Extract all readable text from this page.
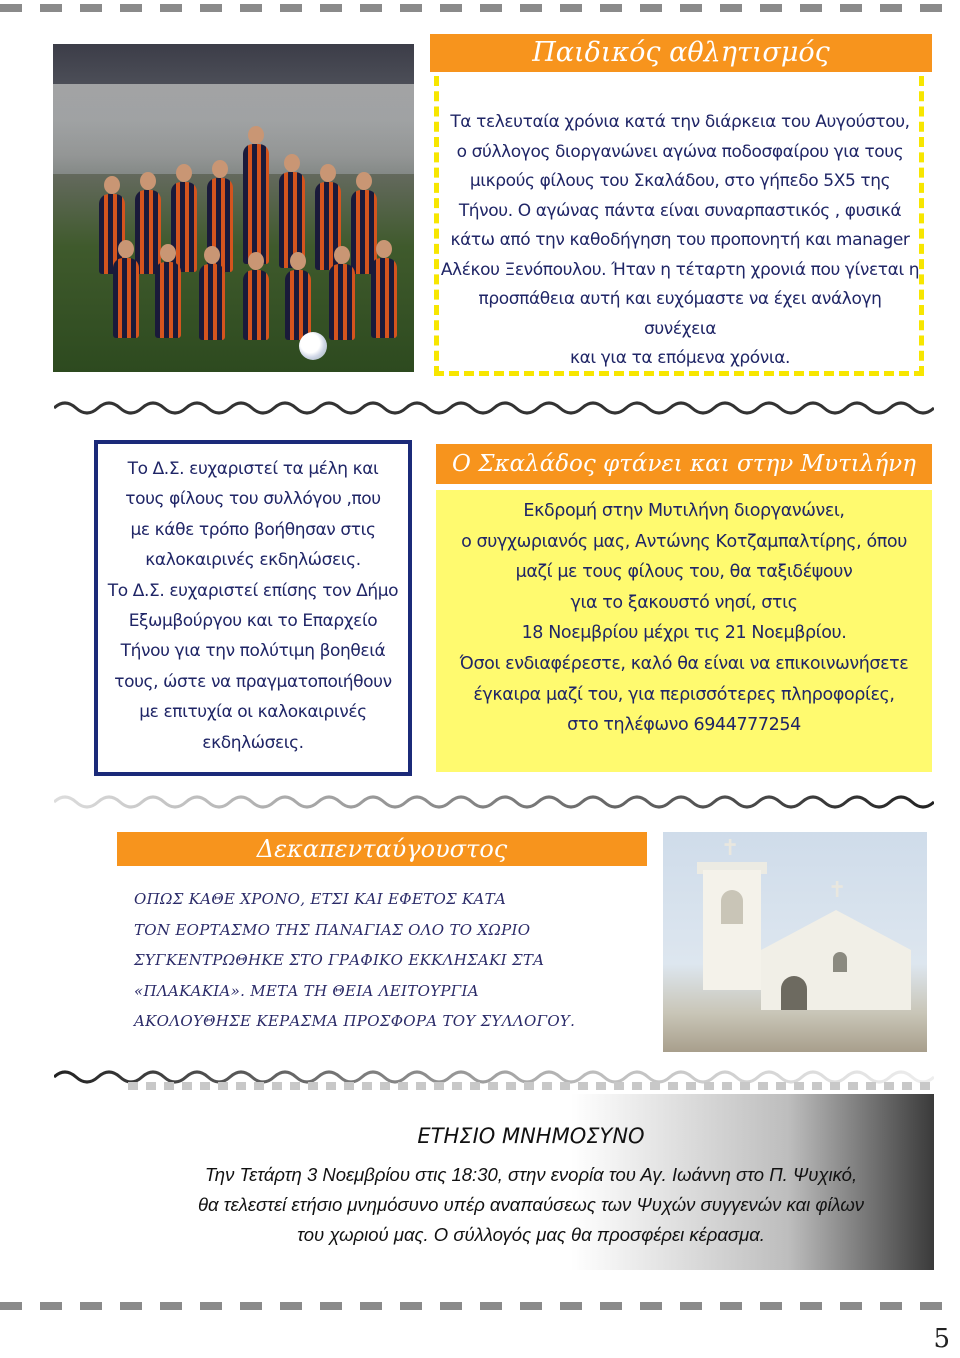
Παιδικός αθλητισμός
Τα τελευταία χρόνια κατά την διάρκεια του Αυγούστου,
ο σύλλογος διοργανώνει αγώνα ποδοσφαίρου για τους
μικρούς φίλους του Σκαλάδου, στο γήπεδο 5Χ5 της
Τήνου. Ο αγώνας πάντα είναι συναρπαστικός , φυσικά
κάτω από την καθοδήγηση του προπονητή και manager
Αλέκου Ξενόπουλου. Ήταν η τέταρτη χρονιά που γίνεται η
προσπάθεια αυτή και ευχόμαστε να έχει ανάλογη συνέχεια
και για τα επόμενα χρόνια.
Το Δ.Σ. ευχαριστεί τα μέλη και
τους φίλους του συλλόγου ,που
με κάθε τρόπο βοήθησαν στις
καλοκαιρινές εκδηλώσεις.
Το Δ.Σ. ευχαριστεί επίσης τον Δήμο
Εξωμβούργου και το Επαρχείο
Τήνου για την πολύτιμη βοηθειά
τους, ώστε να πραγματοποιήθουν
με επιτυχία οι καλοκαιρινές
εκδηλώσεις.
Ο Σκαλάδος φτάνει και στην Μυτιλήνη
Εκδρομή στην Μυτιλήνη διοργανώνει,
ο συγχωριανός μας, Αντώνης Κοτζαμπαλτίρης, όπου
μαζί με τους φίλους του, θα ταξιδέψουν
για το ξακουστό νησί, στις
18 Νοεμβρίου μέχρι τις 21 Νοεμβρίου.
Όσοι ενδιαφέρεστε, καλό θα είναι να επικοινωνήσετε
έγκαιρα μαζί του, για περισσότερες πληροφορίες,
στο τηλέφωνο 6944777254
Δεκαπενταύγουστος
ΟΠΩΣ ΚΑΘΕ ΧΡΟΝΟ, ΕΤΣΙ ΚΑΙ ΕΦΕΤΟΣ ΚΑΤΑ
ΤΟΝ ΕΟΡΤΑΣΜΟ ΤΗΣ ΠΑΝΑΓΙΑΣ ΟΛΟ ΤΟ ΧΩΡΙΟ
ΣΥΓΚΕΝΤΡΩΘΗΚΕ ΣΤΟ ΓΡΑΦΙΚΟ ΕΚΚΛΗΣΑΚΙ ΣΤΑ
«ΠΛΑΚΑΚΙΑ». ΜΕΤΑ ΤΗ ΘΕΙΑ ΛΕΙΤΟΥΡΓΙΑ
ΑΚΟΛΟΥΘΗΣΕ ΚΕΡΑΣΜΑ ΠΡΟΣΦΟΡΑ ΤΟΥ ΣΥΛΛΟΓΟΥ.
✝
✝
ΕΤΗΣΙΟ ΜΝΗΜΟΣΥΝΟ
Την Τετάρτη 3 Νοεμβρίου στις 18:30, στην ενορία του Αγ. Ιωάννη στο Π. Ψυχικό,
θα τελεστεί ετήσιο μνημόσυνο υπέρ αναπαύσεως των Ψυχών συγγενών και φίλων
του χωριού μας. Ο σύλλογός μας θα προσφέρει κέρασμα.
5
